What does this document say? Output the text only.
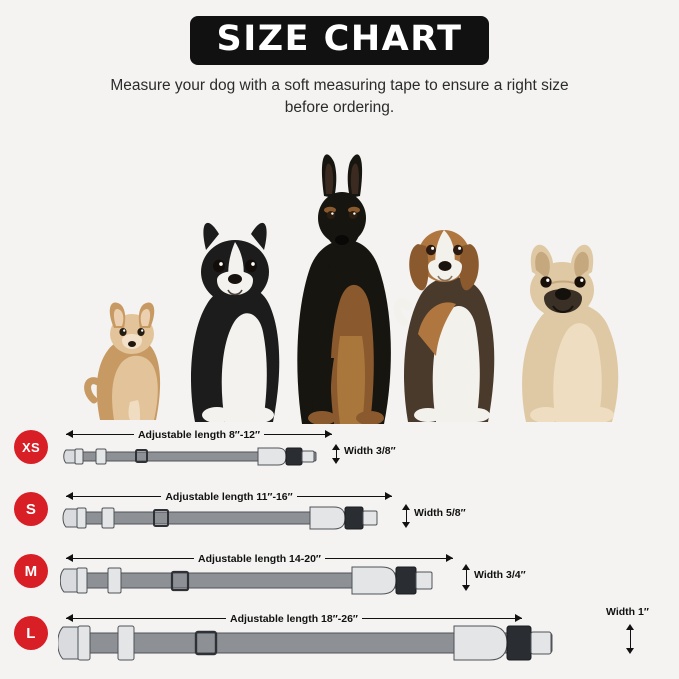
SIZE CHART
Measure your dog with a soft measuring tape to ensure a right size before ordering.
XS
Adjustable length 8″-12″
Width 3/8″
S
Adjustable length 11″-16″
Width 5/8″
M
Adjustable length 14-20″
Width 3/4″
L
Adjustable length 18″-26″
Width 1″
